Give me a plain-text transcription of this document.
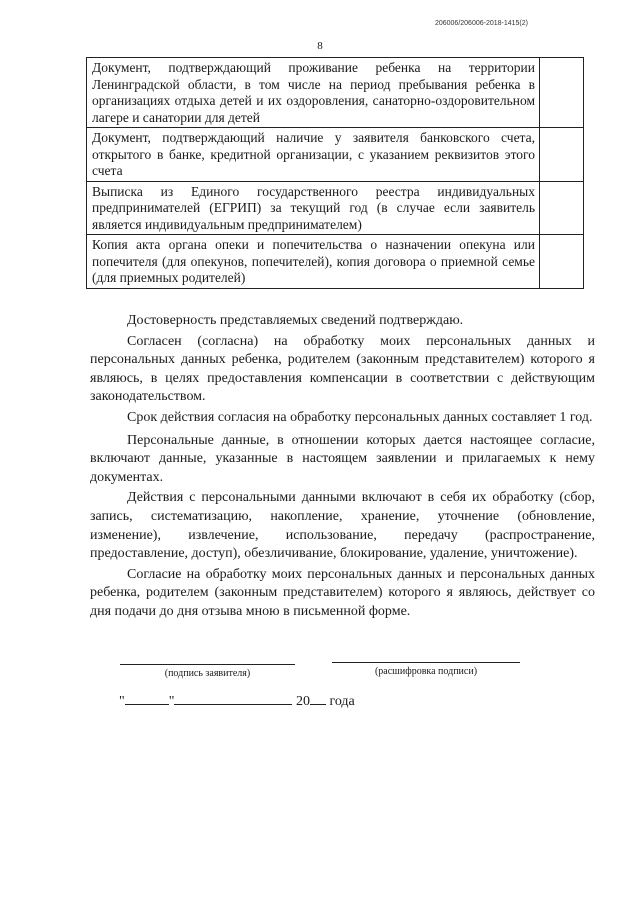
206006/206006-2018-1415(2)
8
Документ, подтверждающий проживание ребенка на территории Ленинградской области, в том числе на период пребывания ребенка в организациях отдыха детей и их оздоровления, санаторно-оздоровительном лагере и санатории для детей	
Документ, подтверждающий наличие у заявителя банковского счета, открытого в банке, кредитной организации, с указанием реквизитов этого счета	
Выписка из Единого государственного реестра индивидуальных предпринимателей (ЕГРИП) за текущий год (в случае если заявитель является индивидуальным предпринимателем)	
Копия акта органа опеки и попечительства о назначении опекуна или попечителя (для опекунов, попечителей), копия договора о приемной семье (для приемных родителей)	

Достоверность представляемых сведений подтверждаю.

Согласен (согласна) на обработку моих персональных данных и персональных данных ребенка, родителем (законным представителем) которого я являюсь, в целях предоставления компенсации в соответствии с действующим законодательством.

Срок действия согласия на обработку персональных данных составляет 1 год.

Персональные данные, в отношении которых дается настоящее согласие, включают данные, указанные в настоящем заявлении и прилагаемых к нему документах.

Действия с персональными данными включают в себя их обработку (сбор, запись, систематизацию, накопление, хранение, уточнение (обновление, изменение), извлечение, использование, передачу (распространение, предоставление, доступ), обезличивание, блокирование, удаление, уничтожение).

Согласие на обработку моих персональных данных и персональных данных ребенка, родителем (законным представителем) которого я являюсь, действует со дня подачи до дня отзыва мною в письменной форме.

(подпись заявителя)	(расшифровка подписи)
"	"	20 года
